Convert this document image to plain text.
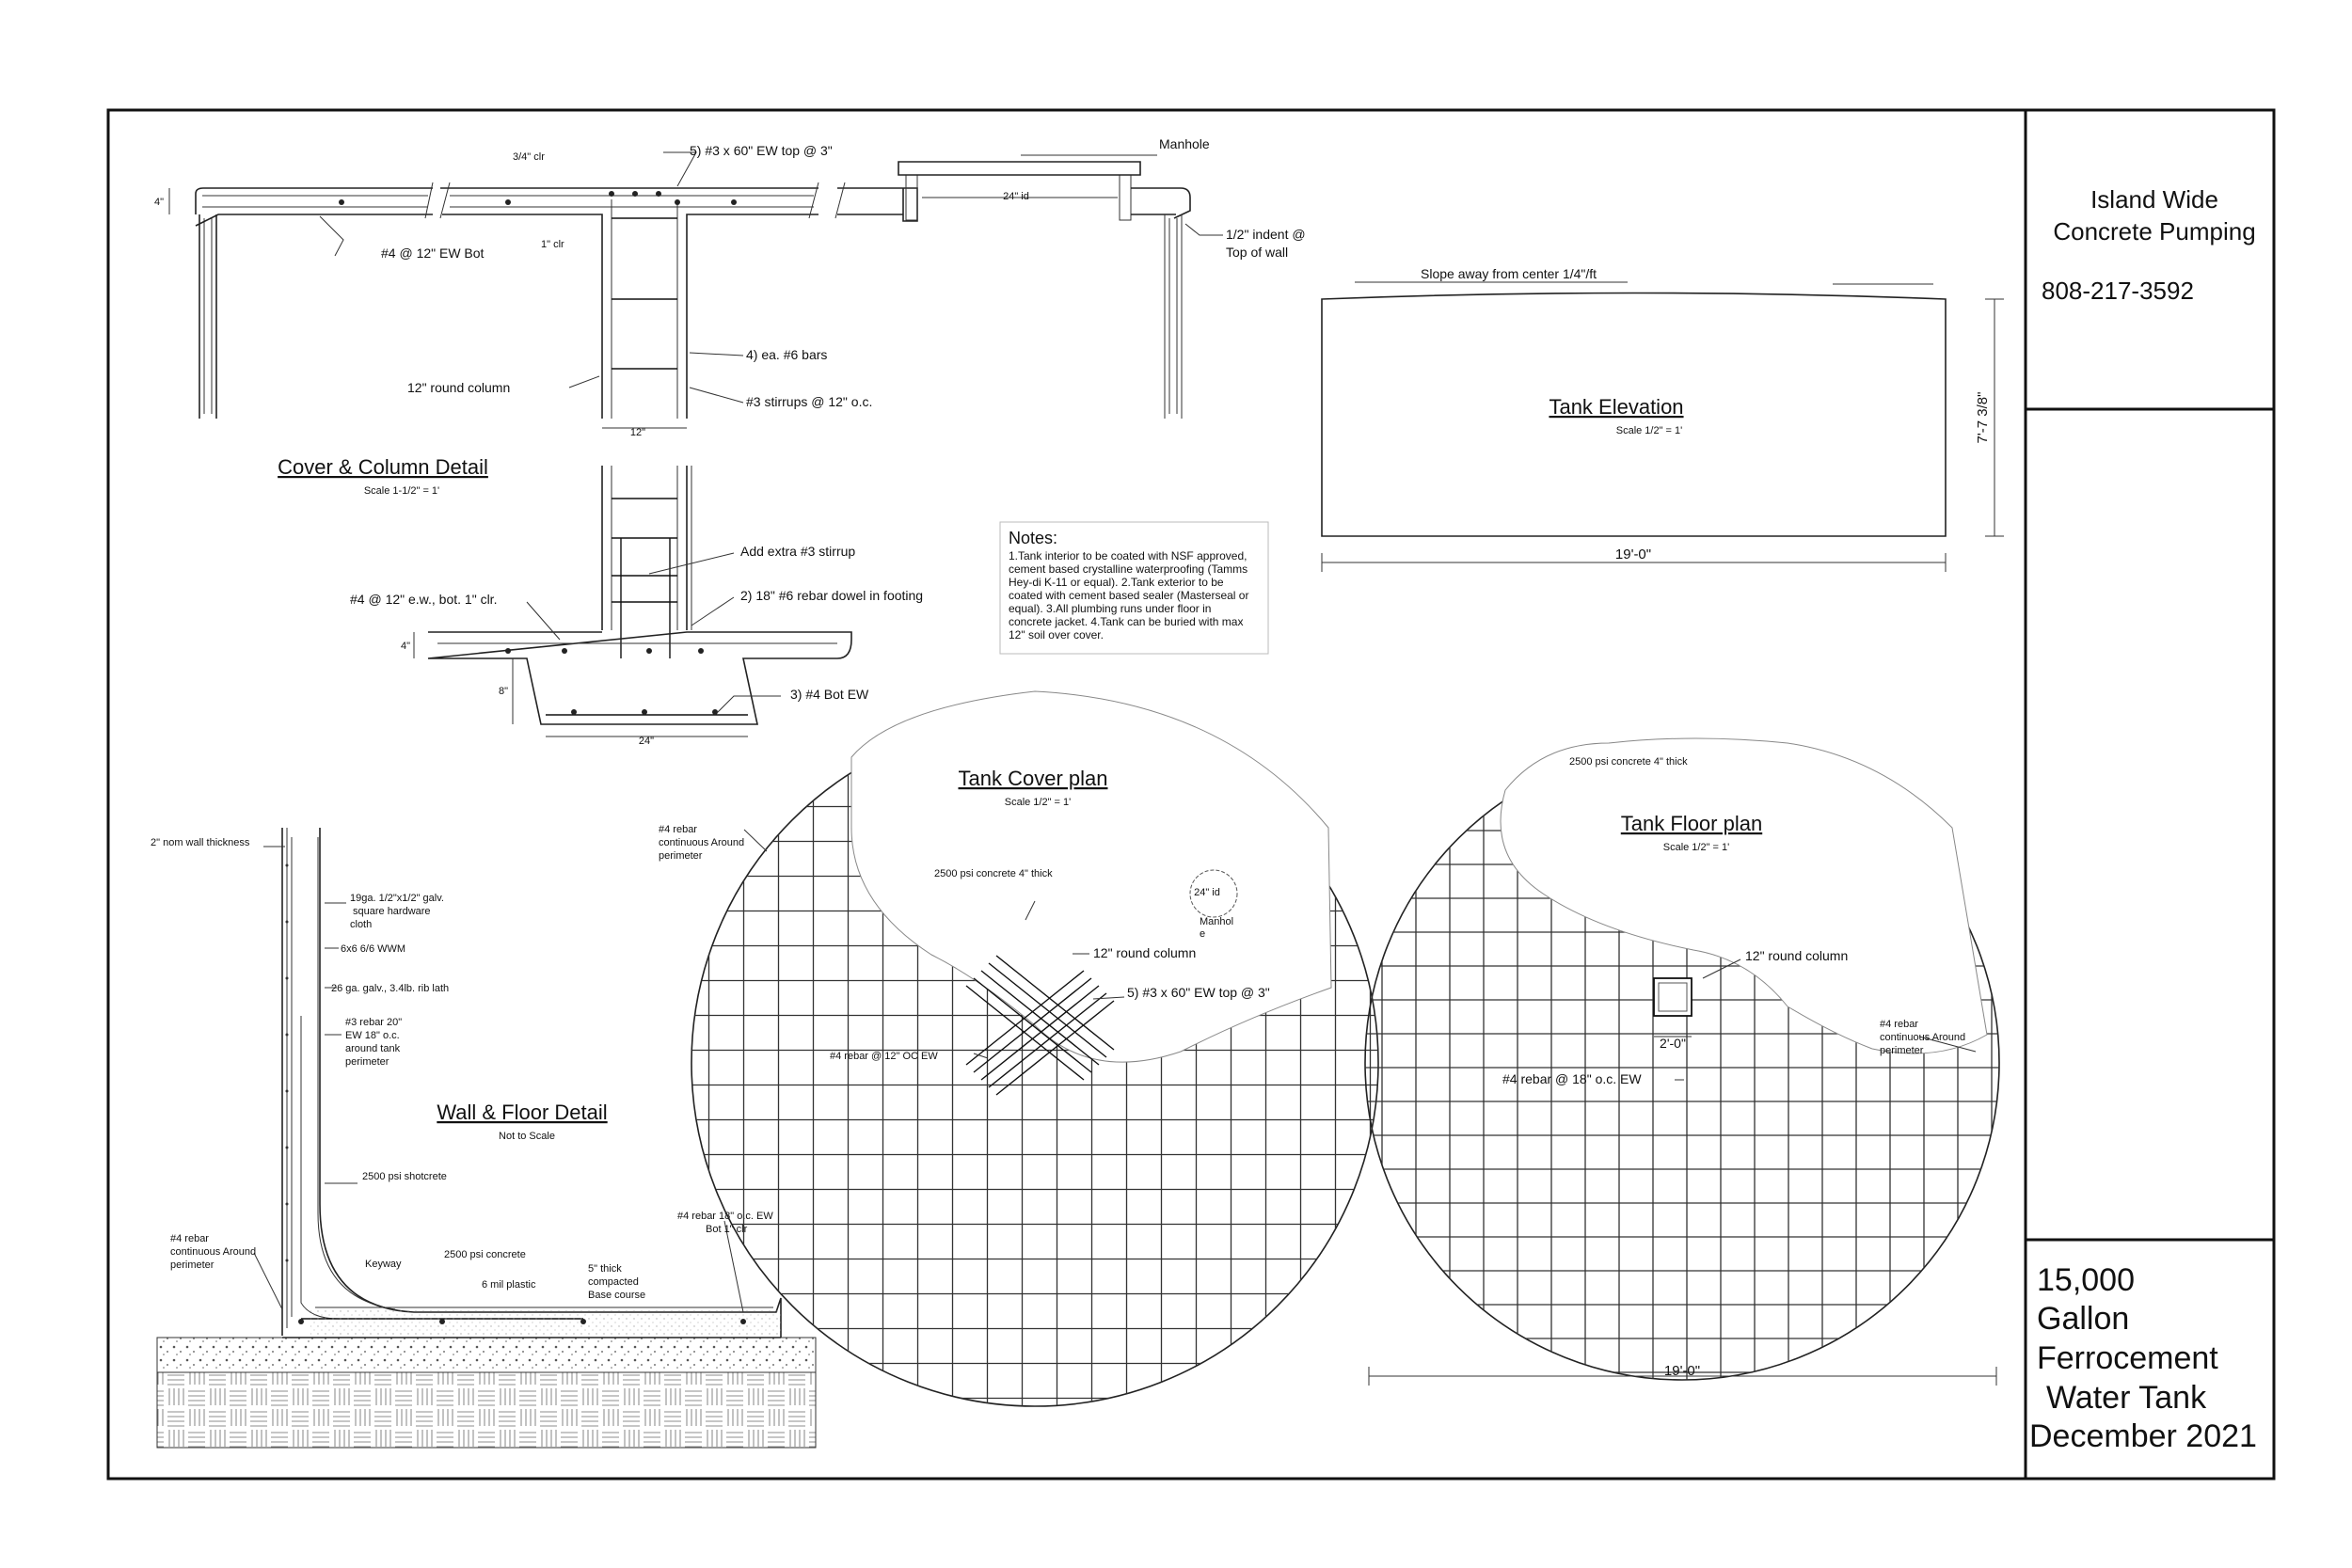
Island Wide
Concrete Pumping
808-217-3592
15,000
Gallon
Ferrocement
Water Tank
December 2021
3/4" clr	5) #3 x 60" EW top @ 3"	Manhole
4"	24" id
#4 @ 12" EW Bot
1" clr
1/2" indent @
Top of wall
4) ea. #6 bars
12" round column
#3 stirrups @ 12" o.c.
12"
Cover & Column Detail
Scale 1-1/2" = 1'
Add extra #3 stirrup
2) 18" #6 rebar dowel in footing
#4 @ 12" e.w., bot. 1" clr.
4"
8"	3) #4 Bot EW
24"
Notes:
1.Tank interior to be coated with NSF approved,
cement based crystalline waterproofing (Tamms
Hey-di K-11 or equal). 2.Tank exterior to be
coated with cement based sealer (Masterseal or
equal). 3.All plumbing runs under floor in
concrete jacket. 4.Tank can be buried with max
12" soil over cover.
Slope away from center 1/4"/ft
Tank Elevation
Scale 1/2" = 1'
19'-0"
7'-7 3/8"
2" nom wall thickness
19ga. 1/2"x1/2" galv.
square hardware
cloth
6x6 6/6 WWM
26 ga. galv., 3.4lb. rib lath
#3 rebar 20"
EW 18" o.c.
around tank
perimeter
Wall & Floor Detail
Not to Scale
2500 psi shotcrete
#4 rebar
continuous Around
perimeter	Keyway
2500 psi concrete
6 mil plastic
5" thick
compacted
Base course
#4 rebar 18" o.c. EW
Bot 1" clr
Tank Cover plan
Scale 1/2" = 1'
#4 rebar
continuous Around
perimeter
2500 psi concrete 4" thick
24" id
Manhol
e
12" round column
5) #3 x 60" EW top @ 3"
#4 rebar @ 12" OC EW
2500 psi concrete 4" thick
Tank Floor plan
Scale 1/2" = 1'
12" round column
#4 rebar
continuous Around
perimeter
2'-0"
#4 rebar @ 18" o.c. EW
19'-0"
